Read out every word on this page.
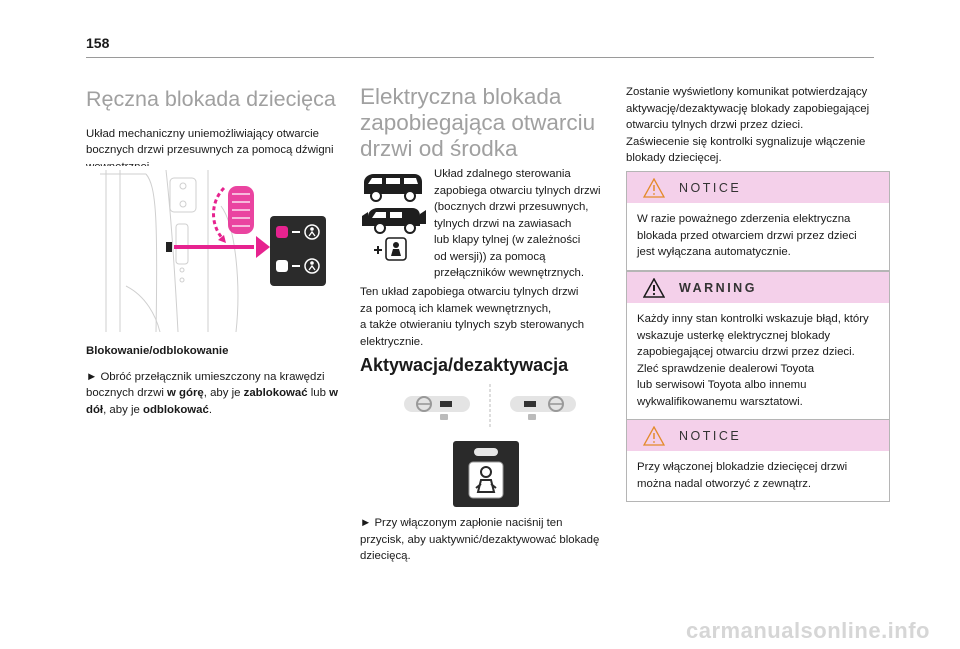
158
Ręczna blokada dziecięca
Układ mechaniczny uniemożliwiający otwarcie bocznych drzwi przesuwnych za pomocą dźwigni
Blokowanie/odblokowanie
► Obróć przełącznik umieszczony na krawędzi bocznych drzwi w górę, aby je zablokować lub w dół, aby je odblokować.
Elektryczna blokada
zapobiegająca otwarciu
drzwi od środka
Układ zdalnego sterowania
zapobiega otwarciu tylnych drzwi
(bocznych drzwi przesuwnych,
tylnych drzwi na zawiasach
lub klapy tylnej (w zależności
od wersji)) za pomocą
przełączników wewnętrznych.
Ten układ zapobiega otwarciu tylnych drzwi
za pomocą ich klamek wewnętrznych,
a także otwieraniu tylnych szyb sterowanych
elektrycznie.
Aktywacja/dezaktywacja
► Przy włączonym zapłonie naciśnij ten
przycisk, aby uaktywnić/dezaktywować blokadę
dziecięcą.
Zostanie wyświetlony komunikat potwierdzający
aktywację/dezaktywację blokady zapobiegającej
otwarciu tylnych drzwi przez dzieci.
Zaświecenie się kontrolki sygnalizuje włączenie
blokady dziecięcej.
NOTICE
W razie poważnego zderzenia elektryczna
blokada przed otwarciem drzwi przez dzieci
jest wyłączana automatycznie.
WARNING
Każdy inny stan kontrolki wskazuje błąd, który
wskazuje usterkę elektrycznej blokady
zapobiegającej otwarciu drzwi przez dzieci.
Zleć sprawdzenie dealerowi Toyota
lub serwisowi Toyota albo innemu
wykwalifikowanemu warsztatowi.
NOTICE
Przy włączonej blokadzie dziecięcej drzwi
można nadal otworzyć z zewnątrz.
carmanualsonline.info
